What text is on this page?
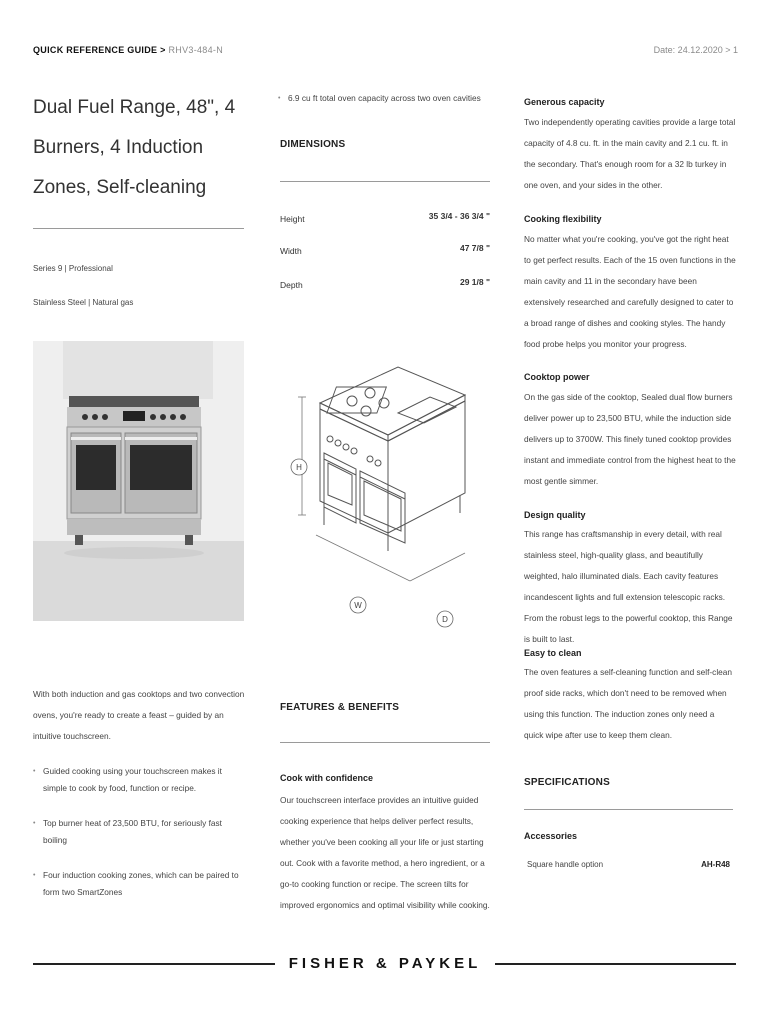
QUICK REFERENCE GUIDE > RHV3-484-N	Date: 24.12.2020 > 1
Dual Fuel Range, 48", 4 Burners, 4 Induction Zones, Self-cleaning
Series 9 | Professional
Stainless Steel | Natural gas
With both induction and gas cooktops and two convection ovens, you're ready to create a feast – guided by an intuitive touchscreen.
• Guided cooking using your touchscreen makes it simple to cook by food, function or recipe.
• Top burner heat of 23,500 BTU, for seriously fast boiling
• Four induction cooking zones, which can be paired to form two SmartZones
• 6.9 cu ft total oven capacity across two oven cavities
DIMENSIONS
Height	35 3/4 - 36 3/4 "
Width	47 7/8 "
Depth	29 1/8 "
H
W
D
FEATURES & BENEFITS
Cook with confidence
Our touchscreen interface provides an intuitive guided cooking experience that helps deliver perfect results, whether you've been cooking all your life or just starting out. Cook with a favorite method, a hero ingredient, or a go-to cooking function or recipe. The screen tilts for improved ergonomics and optimal visibility while cooking.
Generous capacity
Two independently operating cavities provide a large total capacity of 4.8 cu. ft. in the main cavity and 2.1 cu. ft. in the secondary. That's enough room for a 32 lb turkey in one oven, and your sides in the other.
Cooking flexibility
No matter what you're cooking, you've got the right heat to get perfect results. Each of the 15 oven functions in the main cavity and 11 in the secondary have been extensively researched and carefully designed to cater to a broad range of dishes and cooking styles. The handy food probe helps you monitor your progress.
Cooktop power
On the gas side of the cooktop, Sealed dual flow burners deliver power up to 23,500 BTU, while the induction side delivers up to 3700W. This finely tuned cooktop provides instant and immediate control from the highest heat to the most gentle simmer.
Design quality
This range has craftsmanship in every detail, with real stainless steel, high-quality glass, and beautifully weighted, halo illuminated dials. Each cavity features incandescent lights and full extension telescopic racks. From the robust legs to the powerful cooktop, this Range is built to last.
Easy to clean
The oven features a self-cleaning function and self-clean proof side racks, which don't need to be removed when using this function. The induction zones only need a quick wipe after use to keep them clean.
SPECIFICATIONS
Accessories
Square handle option	AH-R48
FISHER & PAYKEL
